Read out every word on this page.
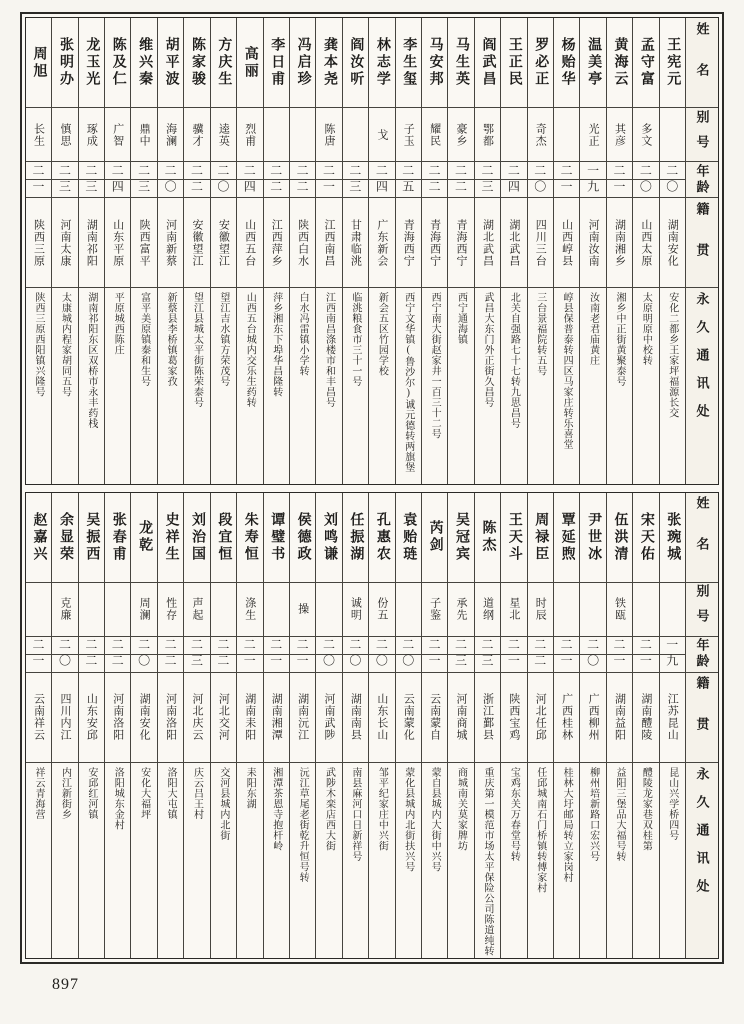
姓名
别号
年龄
籍贯
永久通讯处
王宪元
二〇
湖南安化
安化二都乡王家坪福源长交
孟守富
多文
二〇
山西太原
太原明原中校转
黄海云
其彦
二一
湖南湘乡
湘乡中正街黄聚泰号
温美亭
光正
一九
河南汝南
汝南老君庙黄庄
杨贻华
二一
山西崞县
崞县保普泰转四区马家庄转乐喜堂
罗必正
奇杰
二〇
四川三台
三台景福院转五号
王正民
二四
湖北武昌
北关自强路七十七转九思昌号
阎武昌
鄂都
二三
湖北武昌
武昌大东门外正街久昌号
马生英
豪乡
二二
青海西宁
西宁通海镇
马安邦
耀民
二二
青海西宁
西宁南大街赵家井一百三十二号
李生玺
子玉
二五
青海西宁
西宁文华镇(鲁沙尔)诚元德转两旗堡
林志学
戈
二四
广东新会
新会五区竹园学校
阎汝听
二三
甘肃临洮
临洮粮食市三十一号
龚本尧
陈唐
二一
江西南昌
江西南昌涤楼市和丰昌号
冯启珍
二二
陕西白水
白水冯雷镇小学转
李日甫
二二
江西萍乡
萍乡湘东下埠华昌隆转
高丽
烈甫
二四
山西五台
山西五台城内交乐生药转
方庆生
逵英
二〇
安徽望江
望江吉水镇方荣茂号
陈家骏
骥才
二二
安徽望江
望江县城太平街陈荣泰号
胡平波
海澜
二〇
河南新蔡
新蔡县李桥镇葛家孜
维兴秦
鼎中
二三
陕西富平
富平美原镇秦和生号
陈及仁
广智
二四
山东平原
平原城西陈庄
龙玉光
琢成
二三
湖南祁阳
湖南祁阳东区双桥市永丰药栈
张明办
慎思
二三
河南太康
太康城内程家胡同五号
周旭
长生
二一
陕西三原
陕西三原西阳镇兴隆号
姓名
别号
年龄
籍贯
永久通讯处
张琬城
一九
江苏昆山
昆山兴学桥四号
宋天佑
二一
湖南醴陵
醴陵龙家巷双桂第
伍洪清
铁瓯
二一
湖南益阳
益阳三堡品大福号转
尹世冰
二〇
广西柳州
柳州培新路口宏兴号
覃延煦
二一
广西桂林
桂林大圩邮局转立家岗村
周禄臣
时辰
二二
河北任邱
任邱城南石门桥镇转傅家村
王天斗
星北
二一
陕西宝鸡
宝鸡东关万春堂号转
陈杰
道纲
二三
浙江鄞县
重庆第一模范市场太平保险公司陈道纯转
吴冠宾
承先
二三
河南商城
商城南关莫家牌坊
芮剑
子鉴
二一
云南蒙自
蒙自县城内大街中兴号
袁贻琏
二〇
云南蒙化
蒙化县城内北街扶兴号
孔惠农
份五
二〇
山东长山
邹平纪家庄中兴街
任振湖
诚明
二〇
湖南南县
南县麻河口日新祥号
刘鸣谦
二〇
河南武陟
武陟木栾店西大街
侯德政
操
二一
湖南沅江
沅江草尾老街乾升恒号转
谭璧书
二一
湖南湘潭
湘潭茶恩寺抱杆岭
朱寿恒
涤生
二一
湖南耒阳
耒阳东湖
段宜恒
二二
河北交河
交河县城内北街
刘治国
声起
二三
河北庆云
庆云吕王村
史祥生
性存
二二
河南洛阳
洛阳大屯镇
龙乾
周澜
二〇
湖南安化
安化大福坪
张春甫
二二
河南洛阳
洛阳城东金村
吴振西
二二
山东安邱
安邱红河镇
余显荣
克廉
二〇
四川内江
内江新街乡
赵嘉兴
二一
云南祥云
祥云青海营
897
